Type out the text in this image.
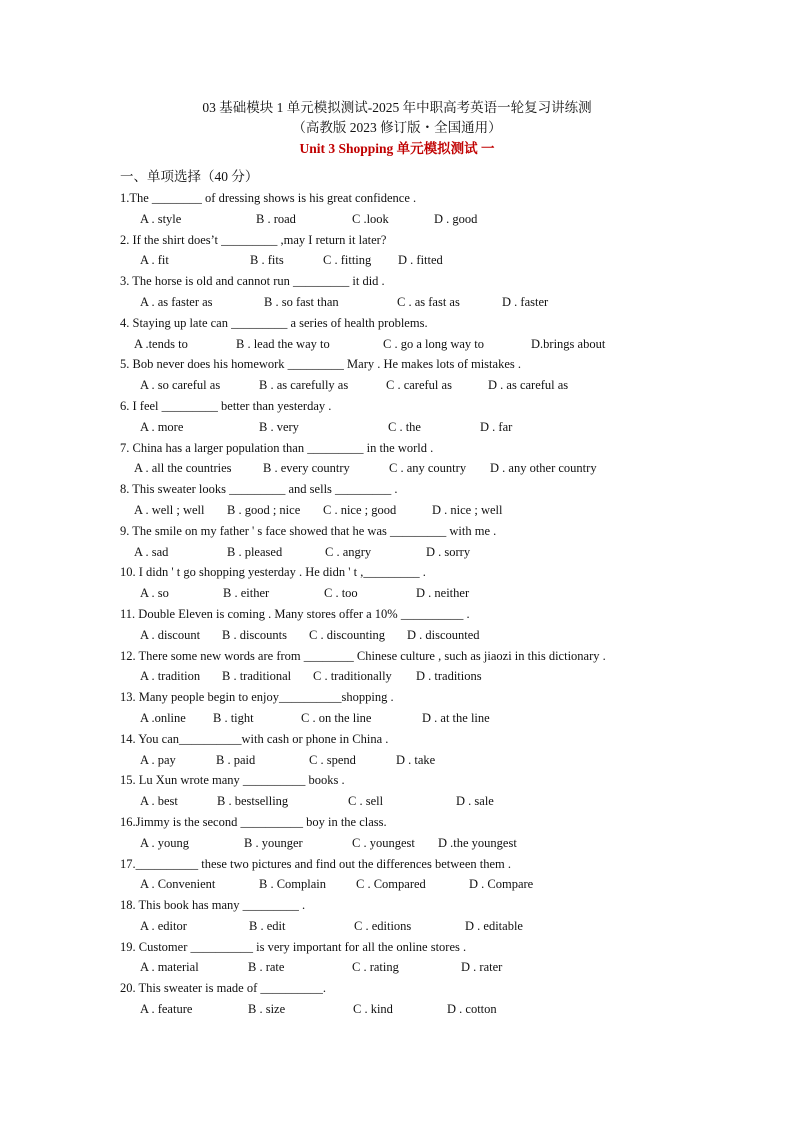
03 基础模块 1 单元模拟测试-2025 年中职高考英语一轮复习讲练测
（高教版 2023 修订版・全国通用）
Unit 3 Shopping 单元模拟测试 一
一、单项选择（40 分）
1.The ________ of dressing shows is his great confidence .
A . style	B . road	C .look	D . good
2. If the shirt does’t _________ ,may I return it later?
A . fit	B . fits	C . fitting D . fitted
3. The horse is old and cannot run _________ it did .
A . as faster as	B . so fast than	C . as fast as	D . faster
4. Staying up late can _________ a series of health problems.
A .tends to	B . lead the way to	C . go a long way to	D.brings about
5. Bob never does his homework _________ Mary . He makes lots of mistakes .
A . so careful as	B . as carefully as	C . careful as	D . as careful as
6. I feel _________ better than yesterday .
A . more	B . very	C . the	D . far
7. China has a larger population than _________ in the world .
A . all the countries	B . every country	C . any country D . any other country
8. This sweater looks _________ and sells _________ .
A . well ; well B . good ; nice C . nice ; good	D . nice ; well
9. The smile on my father ' s face showed that he was _________ with me .
A . sad	B . pleased	C . angry	D . sorry
10. I didn ' t go shopping yesterday . He didn ' t ,_________ .
A . so	B . either	C . too	D . neither
11. Double Eleven is coming . Many stores offer a 10% __________ .
A . discount B . discounts C . discounting D . discounted
12. There some new words are from ________ Chinese culture , such as jiaozi in this dictionary .
A . tradition B . traditional C . traditionally D . traditions
13. Many people begin to enjoy__________shopping .
A .online B . tight	C . on the line	D . at the line
14. You can__________with cash or phone in China .
A . pay	B . paid	C . spend	D . take
15. Lu Xun wrote many __________ books .
A . best	B . bestselling	C . sell	D . sale
16.Jimmy is the second __________ boy in the class.
A . young	B . younger	C . youngest D .the youngest
17.__________ these two pictures and find out the differences between them .
A . Convenient	B . Complain C . Compared	D . Compare
18. This book has many _________ .
A . editor	B . edit	C . editions	D . editable
19. Customer __________ is very important for all the online stores .
A . material	B . rate	C . rating	D . rater
20. This sweater is made of __________.
A . feature	B . size	C . kind	D . cotton
